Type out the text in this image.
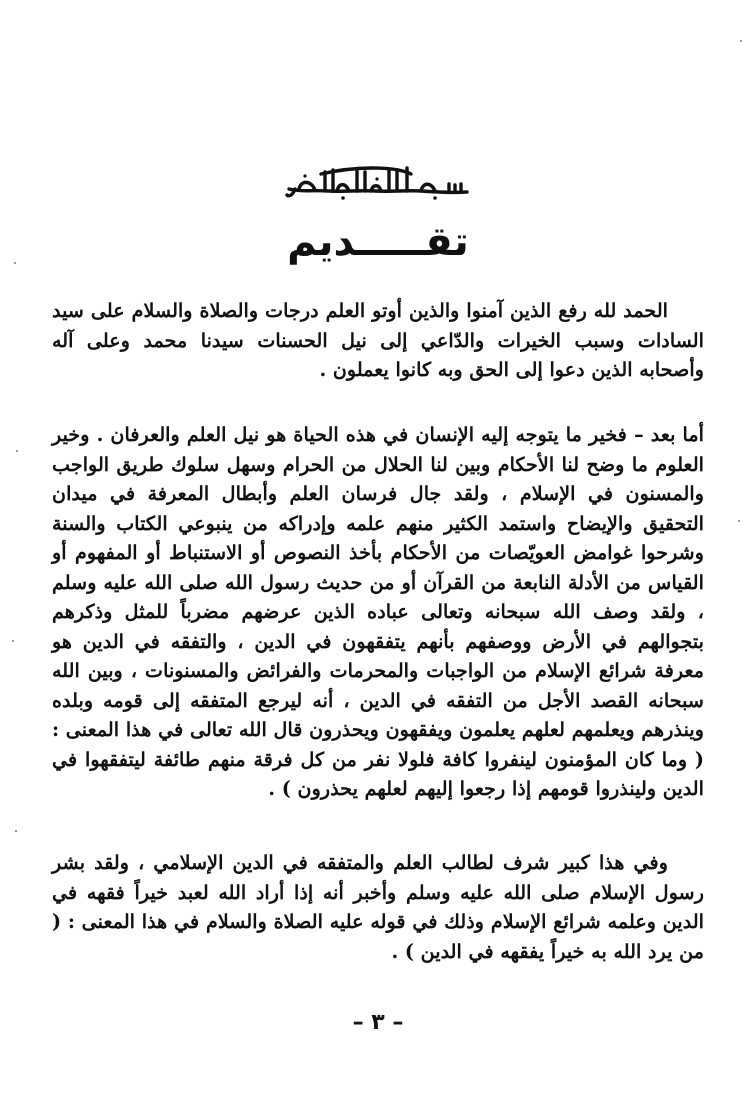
تقـــــديم

الحمد لله رفع الذين آمنوا والذين أوتو العلم درجات والصلاة والسلام على سيد السادات وسبب الخيرات والدّاعي إلى نيل الحسنات سيدنا محمد وعلى آله وأصحابه الذين دعوا إلى الحق وبه كانوا يعملون .

أما بعد – فخير ما يتوجه إليه الإنسان في هذه الحياة هو نيل العلم والعرفان . وخير العلوم ما وضح لنا الأحكام وبين لنا الحلال من الحرام وسهل سلوك طريق الواجب والمسنون في الإسلام ، ولقد جال فرسان العلم وأبطال المعرفة في ميدان التحقيق والإيضاح واستمد الكثير منهم علمه وإدراكه من ينبوعي الكتاب والسنة وشرحوا غوامض العويّصات من الأحكام بأخذ النصوص أو الاستنباط أو المفهوم أو القياس من الأدلة النابعة من القرآن أو من حديث رسول الله صلى الله عليه وسلم ، ولقد وصف الله سبحانه وتعالى عباده الذين عرضهم مضرباً للمثل وذكرهم بتجوالهم في الأرض ووصفهم بأنهم يتفقهون في الدين ، والتفقه في الدين هو معرفة شرائع الإسلام من الواجبات والمحرمات والفرائض والمسنونات ، وبين الله سبحانه القصد الأجل من التفقه في الدين ، أنه ليرجع المتفقه إلى قومه وبلده وينذرهم ويعلمهم لعلهم يعلمون ويفقهون ويحذرون قال الله تعالى في هذا المعنى : ( وما كان المؤمنون لينفروا كافة فلولا نفر من كل فرقة منهم طائفة ليتفقهوا في الدين ولينذروا قومهم إذا رجعوا إليهم لعلهم يحذرون ) .

وفي هذا كبير شرف لطالب العلم والمتفقه في الدين الإسلامي ، ولقد بشر رسول الإسلام صلى الله عليه وسلم وأخبر أنه إذا أراد الله لعبد خيراً فقهه في الدين وعلمه شرائع الإسلام وذلك في قوله عليه الصلاة والسلام في هذا المعنى : ( من يرد الله به خيراً يفقهه في الدين ) .

– ٣ –
